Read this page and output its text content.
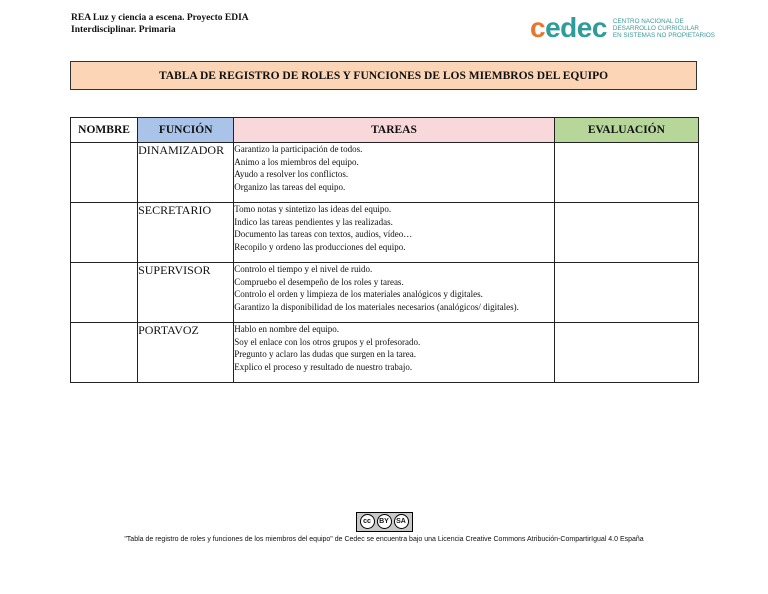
REA Luz y ciencia a escena. Proyecto EDIA
Interdisciplinar. Primaria	cedec CENTRO NACIONAL DE
DESARROLLO CURRICULAR
EN SISTEMAS NO PROPIETARIOS
TABLA DE REGISTRO DE ROLES Y FUNCIONES DE LOS MIEMBROS DEL EQUIPO
NOMBRE	FUNCIÓN	TAREAS	EVALUACIÓN
	DINAMIZADOR	Garantizo la participación de todos.
Animo a los miembros del equipo.
Ayudo a resolver los conflictos.
Organizo las tareas del equipo.	

	SECRETARIO	Tomo notas y sintetizo las ideas del equipo.
Indico las tareas pendientes y las realizadas.
Documento las tareas con textos, audios, vídeo…
Recopilo y ordeno las producciones del equipo.	

	SUPERVISOR	Controlo el tiempo y el nivel de ruido.
Compruebo el desempeño de los roles y tareas.
Controlo el orden y limpieza de los materiales analógicos y digitales.
Garantizo la disponibilidad de los materiales necesarios (analógicos/ digitales).	

	PORTAVOZ	Hablo en nombre del equipo.
Soy el enlace con los otros grupos y el profesorado.
Pregunto y aclaro las dudas que surgen en la tarea.
Explico el proceso y resultado de nuestro trabajo.	

cc	BY	SA
"Tabla de registro de roles y funciones de los miembros del equipo" de Cedec se encuentra bajo una Licencia Creative Commons Atribución-CompartirIgual 4.0 España
